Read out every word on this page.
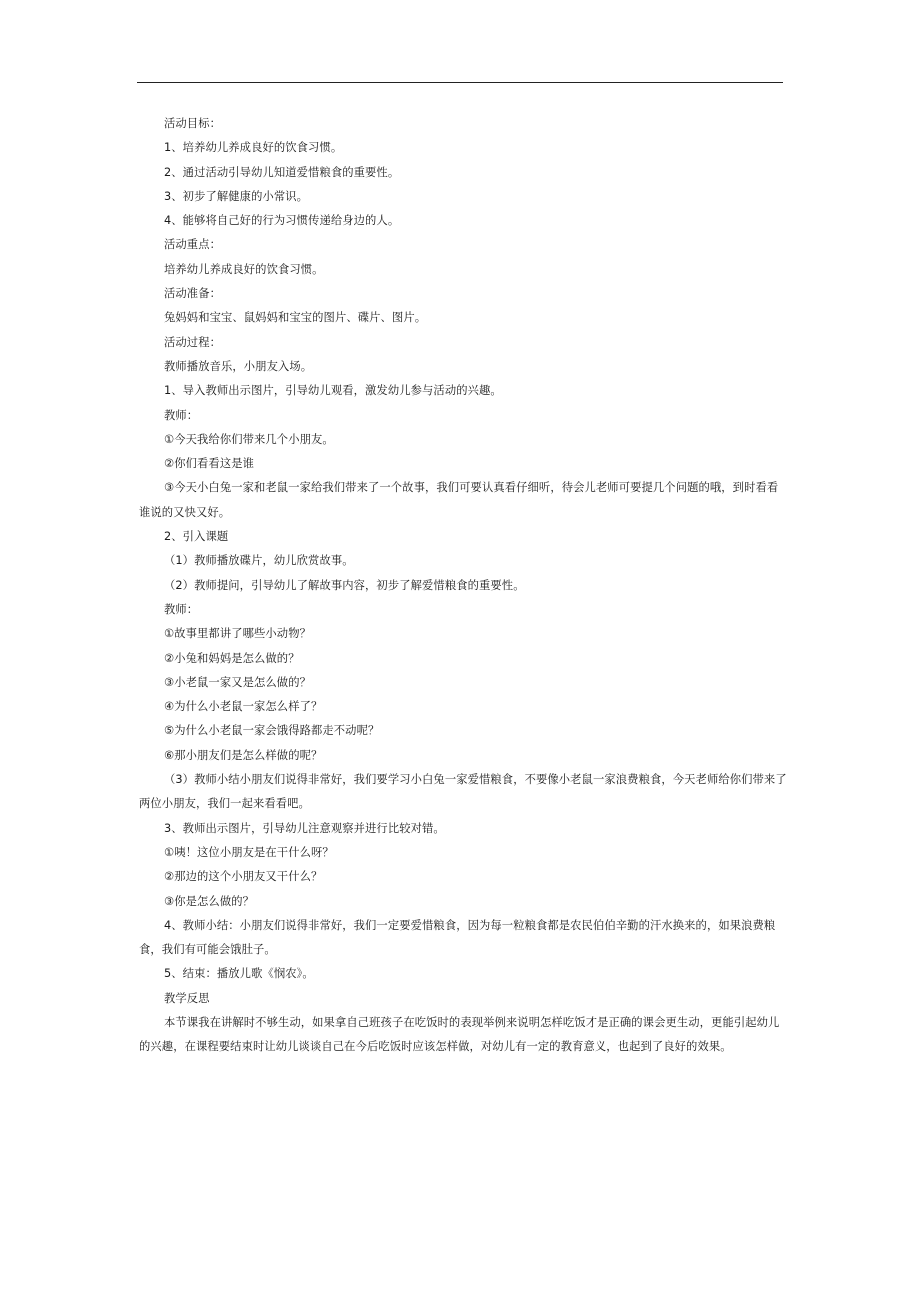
活动目标：

1、培养幼儿养成良好的饮食习惯。

2、通过活动引导幼儿知道爱惜粮食的重要性。

3、初步了解健康的小常识。

4、能够将自己好的行为习惯传递给身边的人。

活动重点：

培养幼儿养成良好的饮食习惯。

活动准备：

兔妈妈和宝宝、鼠妈妈和宝宝的图片、碟片、图片。

活动过程：

教师播放音乐，小朋友入场。

1、导入教师出示图片，引导幼儿观看，激发幼儿参与活动的兴趣。

教师：

①今天我给你们带来几个小朋友。

②你们看看这是谁

③今天小白兔一家和老鼠一家给我们带来了一个故事，我们可要认真看仔细听，待会儿老师可要提几个问题的哦，到时看看谁说的又快又好。

2、引入课题

（1）教师播放碟片，幼儿欣赏故事。

（2）教师提问，引导幼儿了解故事内容，初步了解爱惜粮食的重要性。

教师：

①故事里都讲了哪些小动物？

②小兔和妈妈是怎么做的？

③小老鼠一家又是怎么做的？

④为什么小老鼠一家怎么样了？

⑤为什么小老鼠一家会饿得路都走不动呢？

⑥那小朋友们是怎么样做的呢？

（3）教师小结小朋友们说得非常好，我们要学习小白兔一家爱惜粮食，不要像小老鼠一家浪费粮食，今天老师给你们带来了两位小朋友，我们一起来看看吧。

3、教师出示图片，引导幼儿注意观察并进行比较对错。

①咦！这位小朋友是在干什么呀？

②那边的这个小朋友又干什么？

③你是怎么做的？

4、教师小结：小朋友们说得非常好，我们一定要爱惜粮食，因为每一粒粮食都是农民伯伯辛勤的汗水换来的，如果浪费粮食，我们有可能会饿肚子。

5、结束：播放儿歌《悯农》。

教学反思

本节课我在讲解时不够生动，如果拿自己班孩子在吃饭时的表现举例来说明怎样吃饭才是正确的课会更生动，更能引起幼儿的兴趣，在课程要结束时让幼儿谈谈自己在今后吃饭时应该怎样做，对幼儿有一定的教育意义，也起到了良好的效果。
